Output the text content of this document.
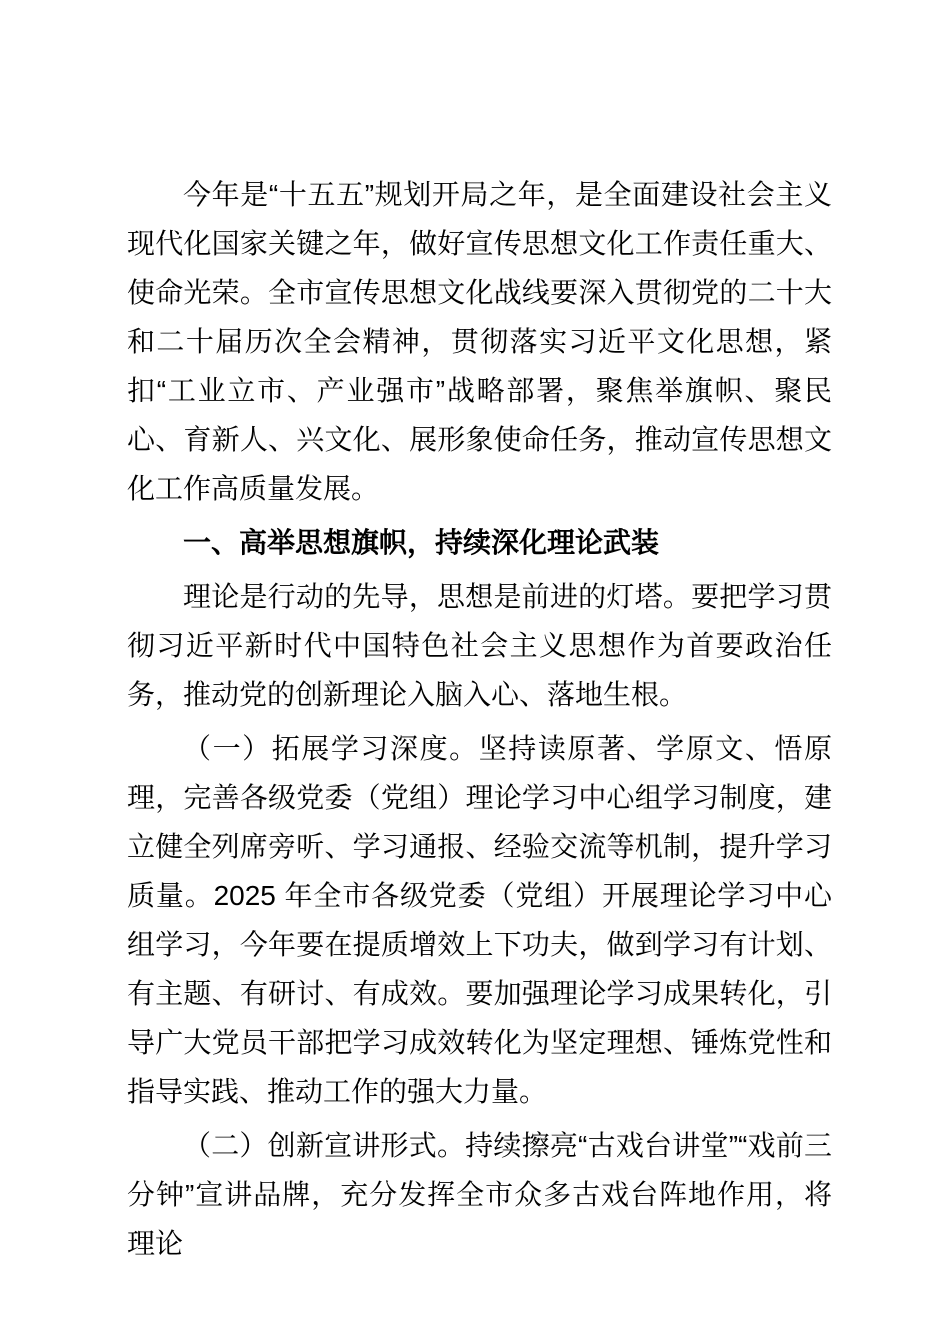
今年是“十五五”规划开局之年，是全面建设社会主义现代化国家关键之年，做好宣传思想文化工作责任重大、使命光荣。全市宣传思想文化战线要深入贯彻党的二十大和二十届历次全会精神，贯彻落实习近平文化思想，紧扣“工业立市、产业强市”战略部署，聚焦举旗帜、聚民心、育新人、兴文化、展形象使命任务，推动宣传思想文化工作高质量发展。

一、高举思想旗帜，持续深化理论武装

理论是行动的先导，思想是前进的灯塔。要把学习贯彻习近平新时代中国特色社会主义思想作为首要政治任务，推动党的创新理论入脑入心、落地生根。

（一）拓展学习深度。坚持读原著、学原文、悟原理，完善各级党委（党组）理论学习中心组学习制度，建立健全列席旁听、学习通报、经验交流等机制，提升学习质量。2025 年全市各级党委（党组）开展理论学习中心组学习，今年要在提质增效上下功夫，做到学习有计划、有主题、有研讨、有成效。要加强理论学习成果转化，引导广大党员干部把学习成效转化为坚定理想、锤炼党性和指导实践、推动工作的强大力量。

（二）创新宣讲形式。持续擦亮“古戏台讲堂”“戏前三分钟”宣讲品牌，充分发挥全市众多古戏台阵地作用，将理论
